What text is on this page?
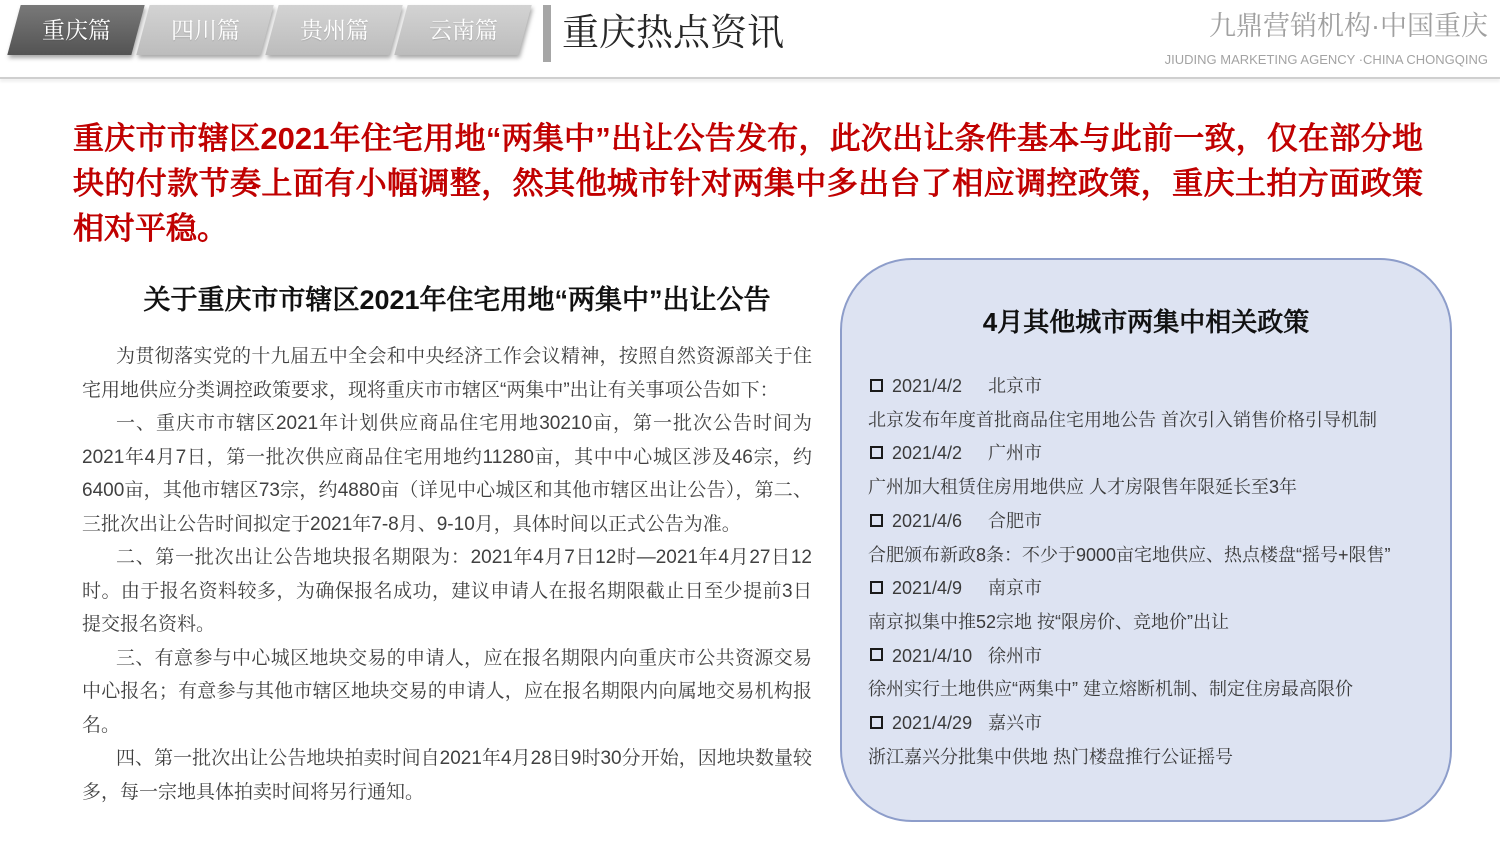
重庆篇	四川篇	贵州篇	云南篇 重庆热点资讯	九鼎营销机构·中国重庆
JIUDING MARKETING AGENCY ·CHINA CHONGQING

重庆市市辖区2021年住宅用地“两集中”出让公告发布，此次出让条件基本与此前一致，仅在部分地块的付款节奏上面有小幅调整，然其他城市针对两集中多出台了相应调控政策，重庆土拍方面政策相对平稳。

关于重庆市市辖区2021年住宅用地“两集中”出让公告

为贯彻落实党的十九届五中全会和中央经济工作会议精神，按照自然资源部关于住宅用地供应分类调控政策要求，现将重庆市市辖区“两集中”出让有关事项公告如下：

一、重庆市市辖区2021年计划供应商品住宅用地30210亩，第一批次公告时间为2021年4月7日，第一批次供应商品住宅用地约11280亩，其中中心城区涉及46宗，约6400亩，其他市辖区73宗，约4880亩（详见中心城区和其他市辖区出让公告），第二、三批次出让公告时间拟定于2021年7-8月、9-10月，具体时间以正式公告为准。

二、第一批次出让公告地块报名期限为：2021年4月7日12时—2021年4月27日12时。由于报名资料较多，为确保报名成功，建议申请人在报名期限截止日至少提前3日提交报名资料。

三、有意参与中心城区地块交易的申请人，应在报名期限内向重庆市公共资源交易中心报名；有意参与其他市辖区地块交易的申请人，应在报名期限内向属地交易机构报名。

四、第一批次出让公告地块拍卖时间自2021年4月28日9时30分开始，因地块数量较多，每一宗地具体拍卖时间将另行通知。

4月其他城市两集中相关政策
2021/4/2 北京市
北京发布年度首批商品住宅用地公告 首次引入销售价格引导机制
2021/4/2 广州市
广州加大租赁住房用地供应 人才房限售年限延长至3年
2021/4/6 合肥市
合肥颁布新政8条：不少于9000亩宅地供应、热点楼盘“摇号+限售”
2021/4/9 南京市
南京拟集中推52宗地 按“限房价、竞地价”出让
2021/4/10 徐州市
徐州实行土地供应“两集中” 建立熔断机制、制定住房最高限价
2021/4/29 嘉兴市
浙江嘉兴分批集中供地 热门楼盘推行公证摇号
